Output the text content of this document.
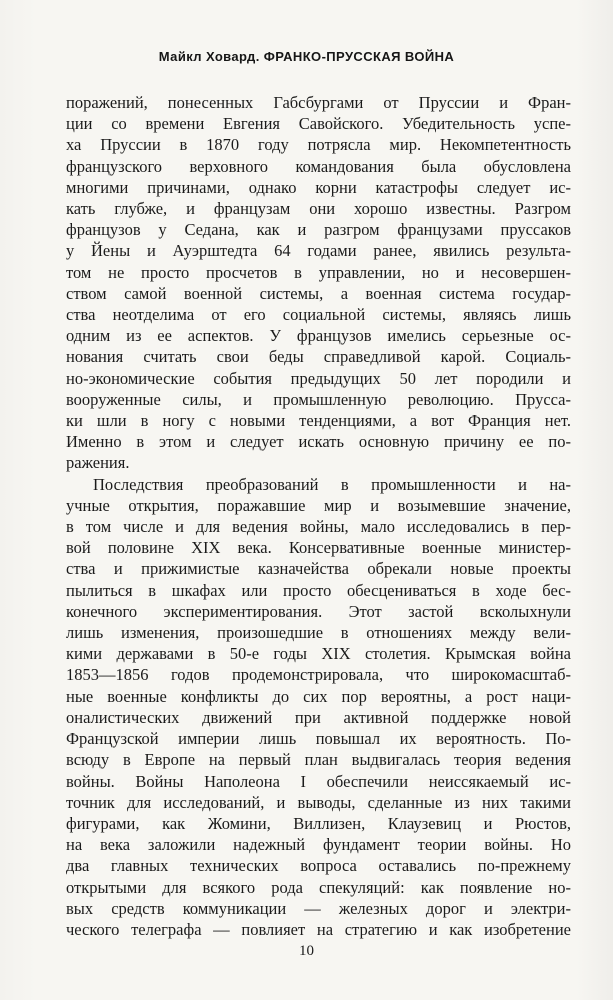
Майкл Ховард. ФРАНКО-ПРУССКАЯ ВОЙНА
поражений, понесенных Габсбургами от Пруссии и Фран-
ции со времени Евгения Савойского. Убедительность успе-
ха Пруссии в 1870 году потрясла мир. Некомпетентность
французского верховного командования была обусловлена
многими причинами, однако корни катастрофы следует ис-
кать глубже, и французам они хорошо известны. Разгром
французов у Седана, как и разгром французами пруссаков
у Йены и Ауэрштедта 64 годами ранее, явились результа-
том не просто просчетов в управлении, но и несовершен-
ством самой военной системы, а военная система государ-
ства неотделима от его социальной системы, являясь лишь
одним из ее аспектов. У французов имелись серьезные ос-
нования считать свои беды справедливой карой. Социаль-
но-экономические события предыдущих 50 лет породили и
вооруженные силы, и промышленную революцию. Прусса-
ки шли в ногу с новыми тенденциями, а вот Франция нет.
Именно в этом и следует искать основную причину ее по-
ражения.
Последствия преобразований в промышленности и на-
учные открытия, поражавшие мир и возымевшие значение,
в том числе и для ведения войны, мало исследовались в пер-
вой половине XIX века. Консервативные военные министер-
ства и прижимистые казначейства обрекали новые проекты
пылиться в шкафах или просто обесцениваться в ходе бес-
конечного экспериментирования. Этот застой всколыхнули
лишь изменения, произошедшие в отношениях между вели-
кими державами в 50-е годы XIX столетия. Крымская война
1853—1856 годов продемонстрировала, что широкомасштаб-
ные военные конфликты до сих пор вероятны, а рост наци-
оналистических движений при активной поддержке новой
Французской империи лишь повышал их вероятность. По-
всюду в Европе на первый план выдвигалась теория ведения
войны. Войны Наполеона I обеспечили неиссякаемый ис-
точник для исследований, и выводы, сделанные из них такими
фигурами, как Жомини, Виллизен, Клаузевиц и Рюстов,
на века заложили надежный фундамент теории войны. Но
два главных технических вопроса оставались по-прежнему
открытыми для всякого рода спекуляций: как появление но-
вых средств коммуникации — железных дорог и электри-
ческого телеграфа — повлияет на стратегию и как изобретение
10
